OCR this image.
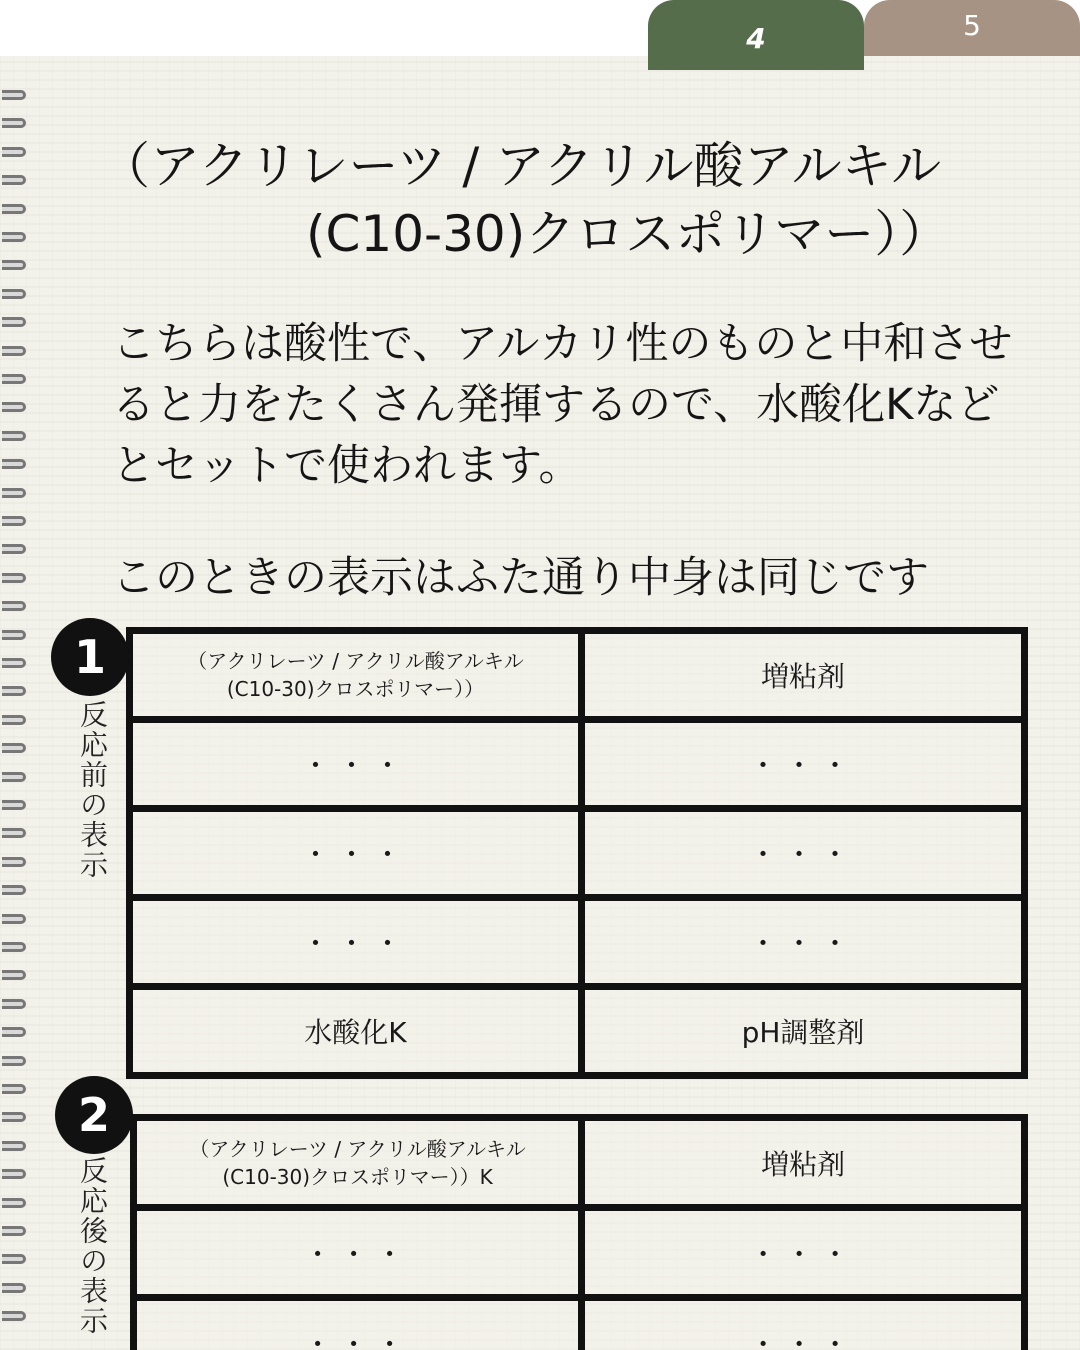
4	5
（アクリレーツ / アクリル酸アルキル
(C10-30)クロスポリマー））
こちらは酸性で、アルカリ性のものと中和させると力をたくさん発揮するので、水酸化Kなどとセットで使われます。
このときの表示はふた通り中身は同じです
1
反応前の表示
（アクリレーツ / アクリル酸アルキル
(C10-30)クロスポリマー））	増粘剤
・・・	・・・
・・・	・・・
・・・	・・・
水酸化K	pH調整剤
2
反応後の表示
（アクリレーツ / アクリル酸アルキル
(C10-30)クロスポリマー））K	増粘剤
・・・	・・・
・・・	・・・
